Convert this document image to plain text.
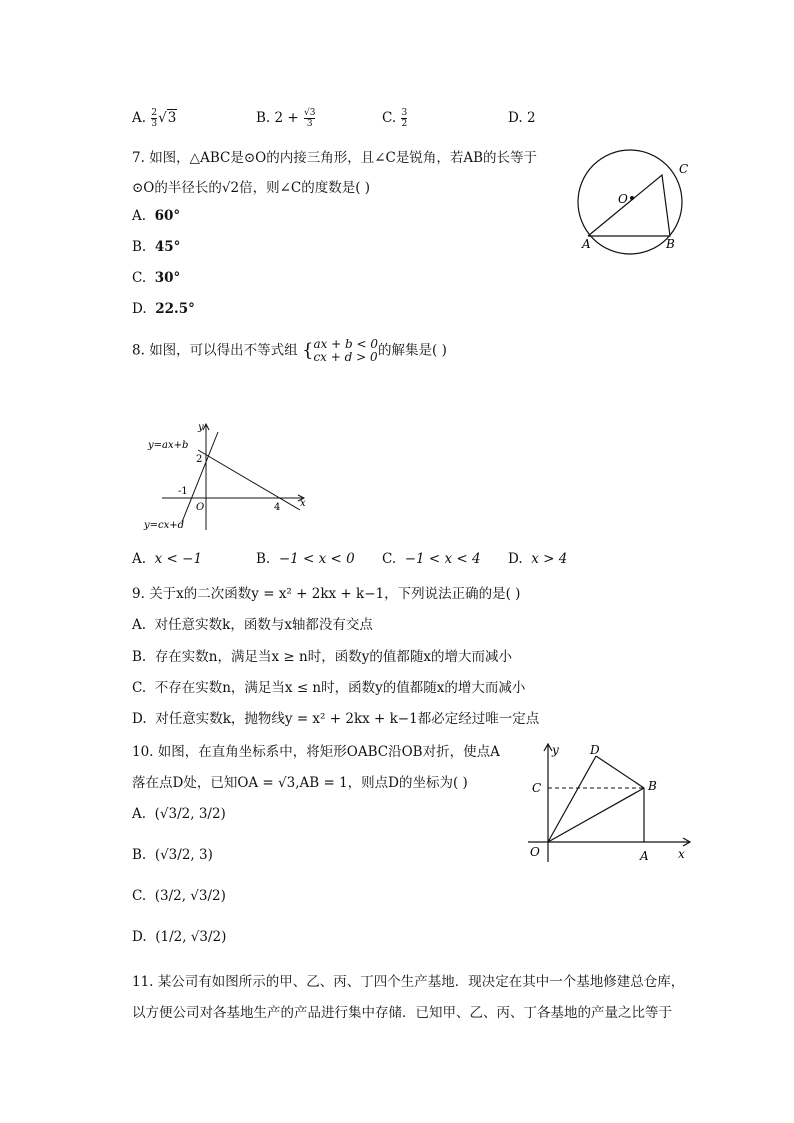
A. $\frac{2}{3} √3$	B. $2 + \frac{√3}{3}$	C. $\frac{3}{2}$	D. 2
7. 如图，△ABC是⊙O的内接三角形，且∠C是锐角，若AB的长等于
⊙O的半径长的√2倍，则∠C的度数是( )
A. 60°
B. 45°
C. 30°
D. 22.5°
O
C
A	B
8. 如图，可以得出不等式组 { ax + b < 0
cx + d > 0 的解集是( )
y=ax+b
y=cx+d
y
x
O
2
-1
4
A. x < −1	B. −1 < x < 0 C. −1 < x < 4 D. x > 4
9. 关于x的二次函数y = x² + 2kx + k−1，下列说法正确的是( )
A. 对任意实数k，函数与x轴都没有交点
B. 存在实数n，满足当x ≥ n时，函数y的值都随x的增大而减小
C. 不存在实数n，满足当x ≤ n时，函数y的值都随x的增大而减小
D. 对任意实数k，抛物线y = x² + 2kx + k−1都必定经过唯一定点
10. 如图，在直角坐标系中，将矩形OABC沿OB对折，使点A
落在点D处，已知OA = √3,AB = 1，则点D的坐标为( )
A. (√3/2, 3/2)
B. (√3/2, 3)
C. (3/2, √3/2)
D. (1/2, √3/2)
y
x
O	A
B
C
D
11. 某公司有如图所示的甲、乙、丙、丁四个生产基地．现决定在其中一个基地修建总仓库，
以方便公司对各基地生产的产品进行集中存储．已知甲、乙、丙、丁各基地的产量之比等于
